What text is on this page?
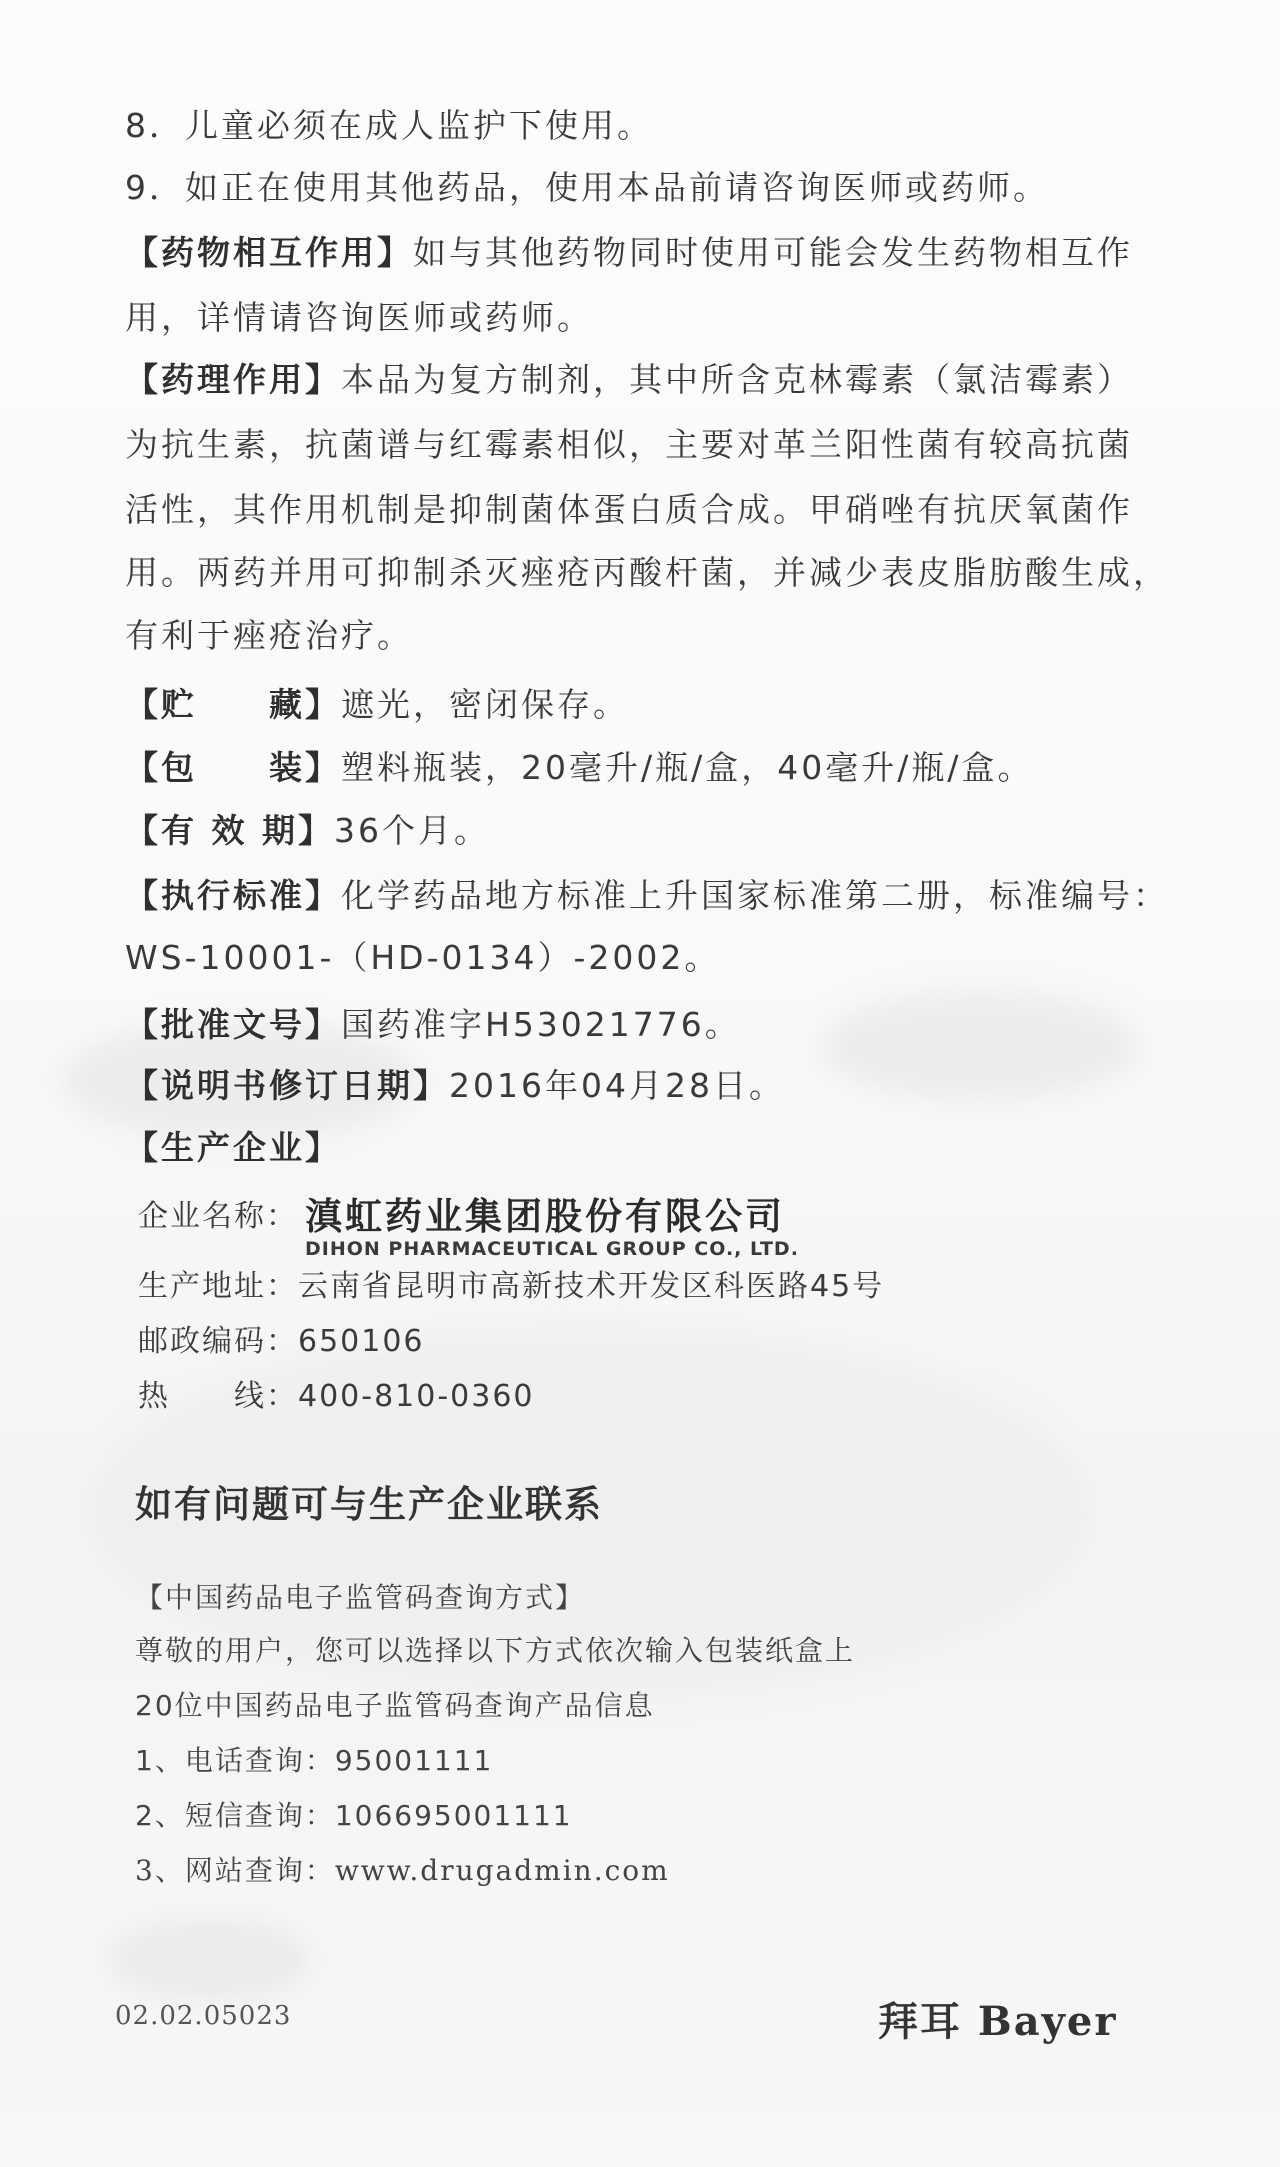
8．儿童必须在成人监护下使用。
9．如正在使用其他药品，使用本品前请咨询医师或药师。
【药物相互作用】如与其他药物同时使用可能会发生药物相互作
用，详情请咨询医师或药师。
【药理作用】本品为复方制剂，其中所含克林霉素（氯洁霉素）
为抗生素，抗菌谱与红霉素相似，主要对革兰阳性菌有较高抗菌
活性，其作用机制是抑制菌体蛋白质合成。甲硝唑有抗厌氧菌作
用。两药并用可抑制杀灭痤疮丙酸杆菌，并减少表皮脂肪酸生成，
有利于痤疮治疗。
【贮　　藏】遮光，密闭保存。
【包　　装】塑料瓶装，20毫升/瓶/盒，40毫升/瓶/盒。
【有 效 期】36个月。
【执行标准】化学药品地方标准上升国家标准第二册，标准编号：
WS-10001-（HD-0134）-2002。
【批准文号】国药准字H53021776。
【说明书修订日期】2016年04月28日。
【生产企业】
企业名称： 滇虹药业集团股份有限公司
DIHON PHARMACEUTICAL GROUP CO., LTD.
生产地址：云南省昆明市高新技术开发区科医路45号
邮政编码：650106
热　　线：400-810-0360
如有问题可与生产企业联系
【中国药品电子监管码查询方式】
尊敬的用户，您可以选择以下方式依次输入包装纸盒上
20位中国药品电子监管码查询产品信息
1、电话查询：95001111
2、短信查询：106695001111
3、网站查询：www.drugadmin.com
02.02.05023	拜耳 Bayer
